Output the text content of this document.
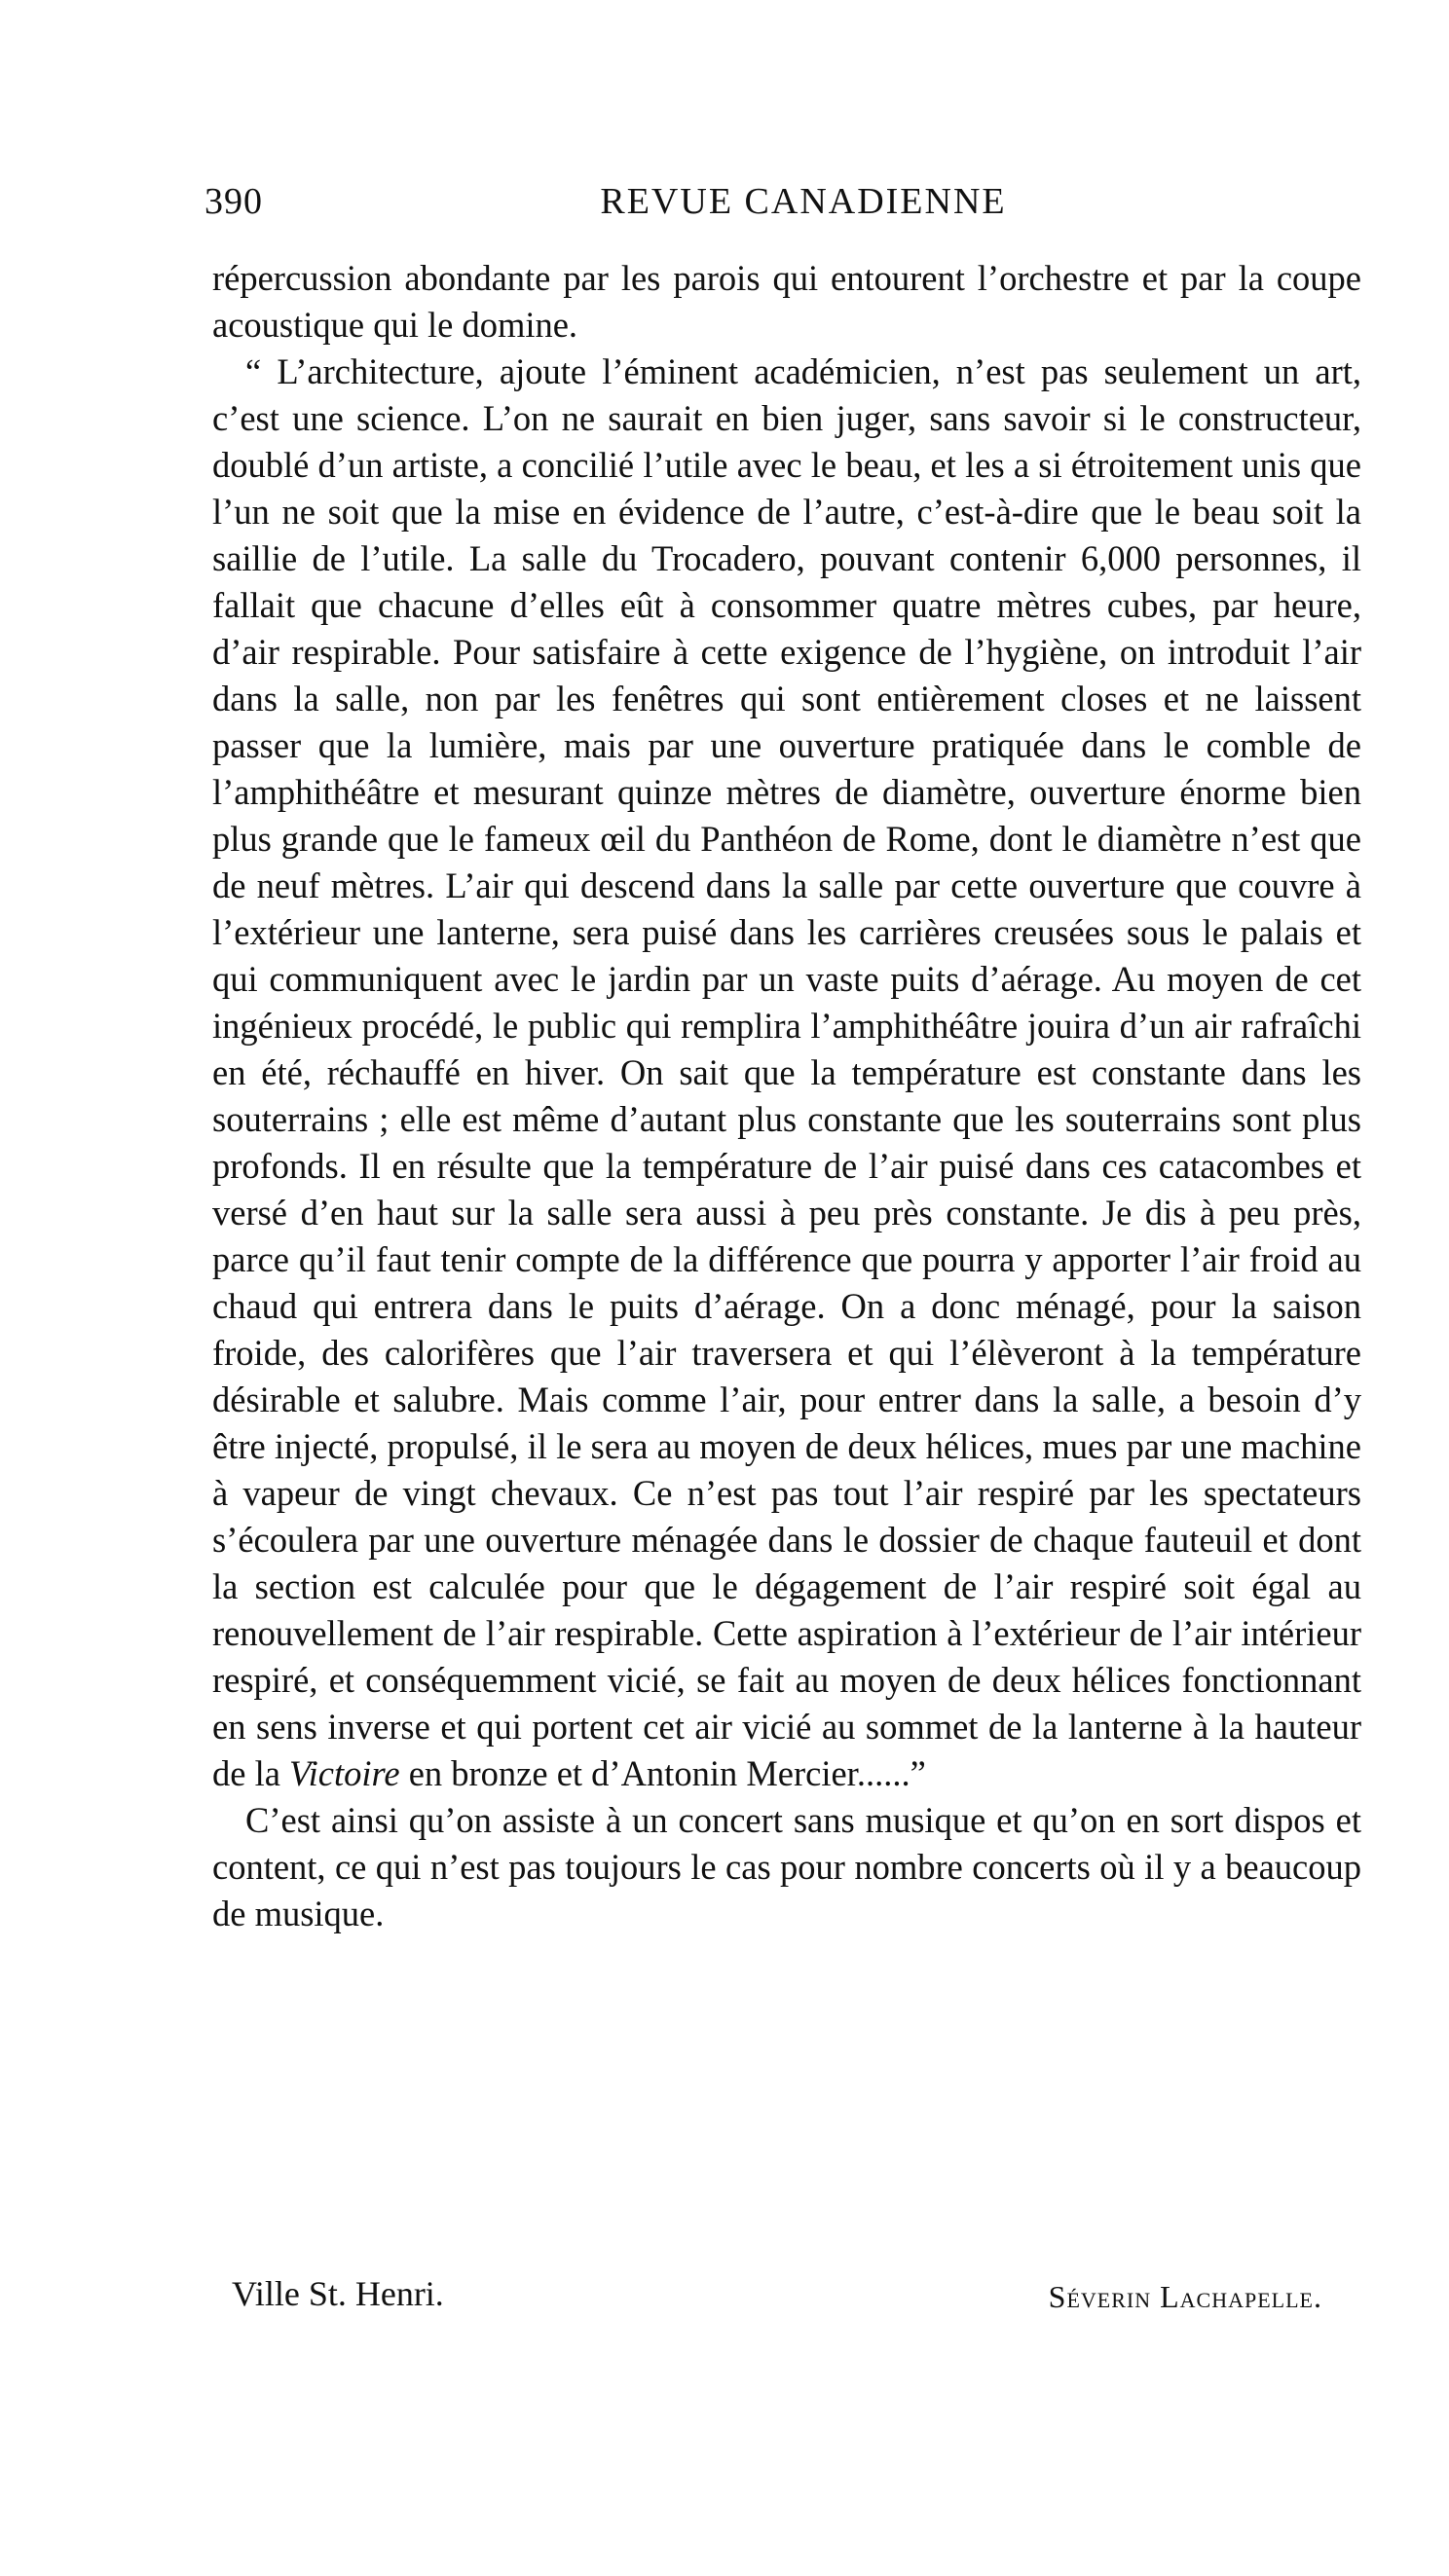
390	REVUE CANADIENNE

répercussion abondante par les parois qui entourent l’orchestre et par la coupe acoustique qui le domine.

“ L’architecture, ajoute l’éminent académicien, n’est pas seulement un art, c’est une science. L’on ne saurait en bien juger, sans savoir si le constructeur, doublé d’un artiste, a concilié l’utile avec le beau, et les a si étroitement unis que l’un ne soit que la mise en évidence de l’autre, c’est-à-dire que le beau soit la saillie de l’utile. La salle du Trocadero, pouvant contenir 6,000 personnes, il fallait que chacune d’elles eût à consommer quatre mètres cubes, par heure, d’air respirable. Pour satisfaire à cette exigence de l’hygiène, on introduit l’air dans la salle, non par les fenêtres qui sont entièrement closes et ne laissent passer que la lumière, mais par une ouverture pratiquée dans le comble de l’amphithéâtre et mesurant quinze mètres de diamètre, ouverture énorme bien plus grande que le fameux œil du Panthéon de Rome, dont le diamètre n’est que de neuf mètres. L’air qui descend dans la salle par cette ouverture que couvre à l’extérieur une lanterne, sera puisé dans les carrières creusées sous le palais et qui communiquent avec le jardin par un vaste puits d’aérage. Au moyen de cet ingénieux procédé, le public qui remplira l’amphithéâtre jouira d’un air rafraîchi en été, réchauffé en hiver. On sait que la température est constante dans les souterrains ; elle est même d’autant plus constante que les souterrains sont plus profonds. Il en résulte que la température de l’air puisé dans ces catacombes et versé d’en haut sur la salle sera aussi à peu près constante. Je dis à peu près, parce qu’il faut tenir compte de la différence que pourra y apporter l’air froid au chaud qui entrera dans le puits d’aérage. On a donc ménagé, pour la saison froide, des calorifères que l’air traversera et qui l’élèveront à la température désirable et salubre. Mais comme l’air, pour entrer dans la salle, a besoin d’y être injecté, propulsé, il le sera au moyen de deux hélices, mues par une machine à vapeur de vingt chevaux. Ce n’est pas tout l’air respiré par les spectateurs s’écoulera par une ouverture ménagée dans le dossier de chaque fauteuil et dont la section est calculée pour que le dégagement de l’air respiré soit égal au renouvellement de l’air respirable. Cette aspiration à l’extérieur de l’air intérieur respiré, et conséquemment vicié, se fait au moyen de deux hélices fonctionnant en sens inverse et qui portent cet air vicié au sommet de la lanterne à la hauteur de la Victoire en bronze et d’Antonin Mercier......”

C’est ainsi qu’on assiste à un concert sans musique et qu’on en sort dispos et content, ce qui n’est pas toujours le cas pour nombre concerts où il y a beaucoup de musique.

Ville St. Henri.	Séverin Lachapelle.
